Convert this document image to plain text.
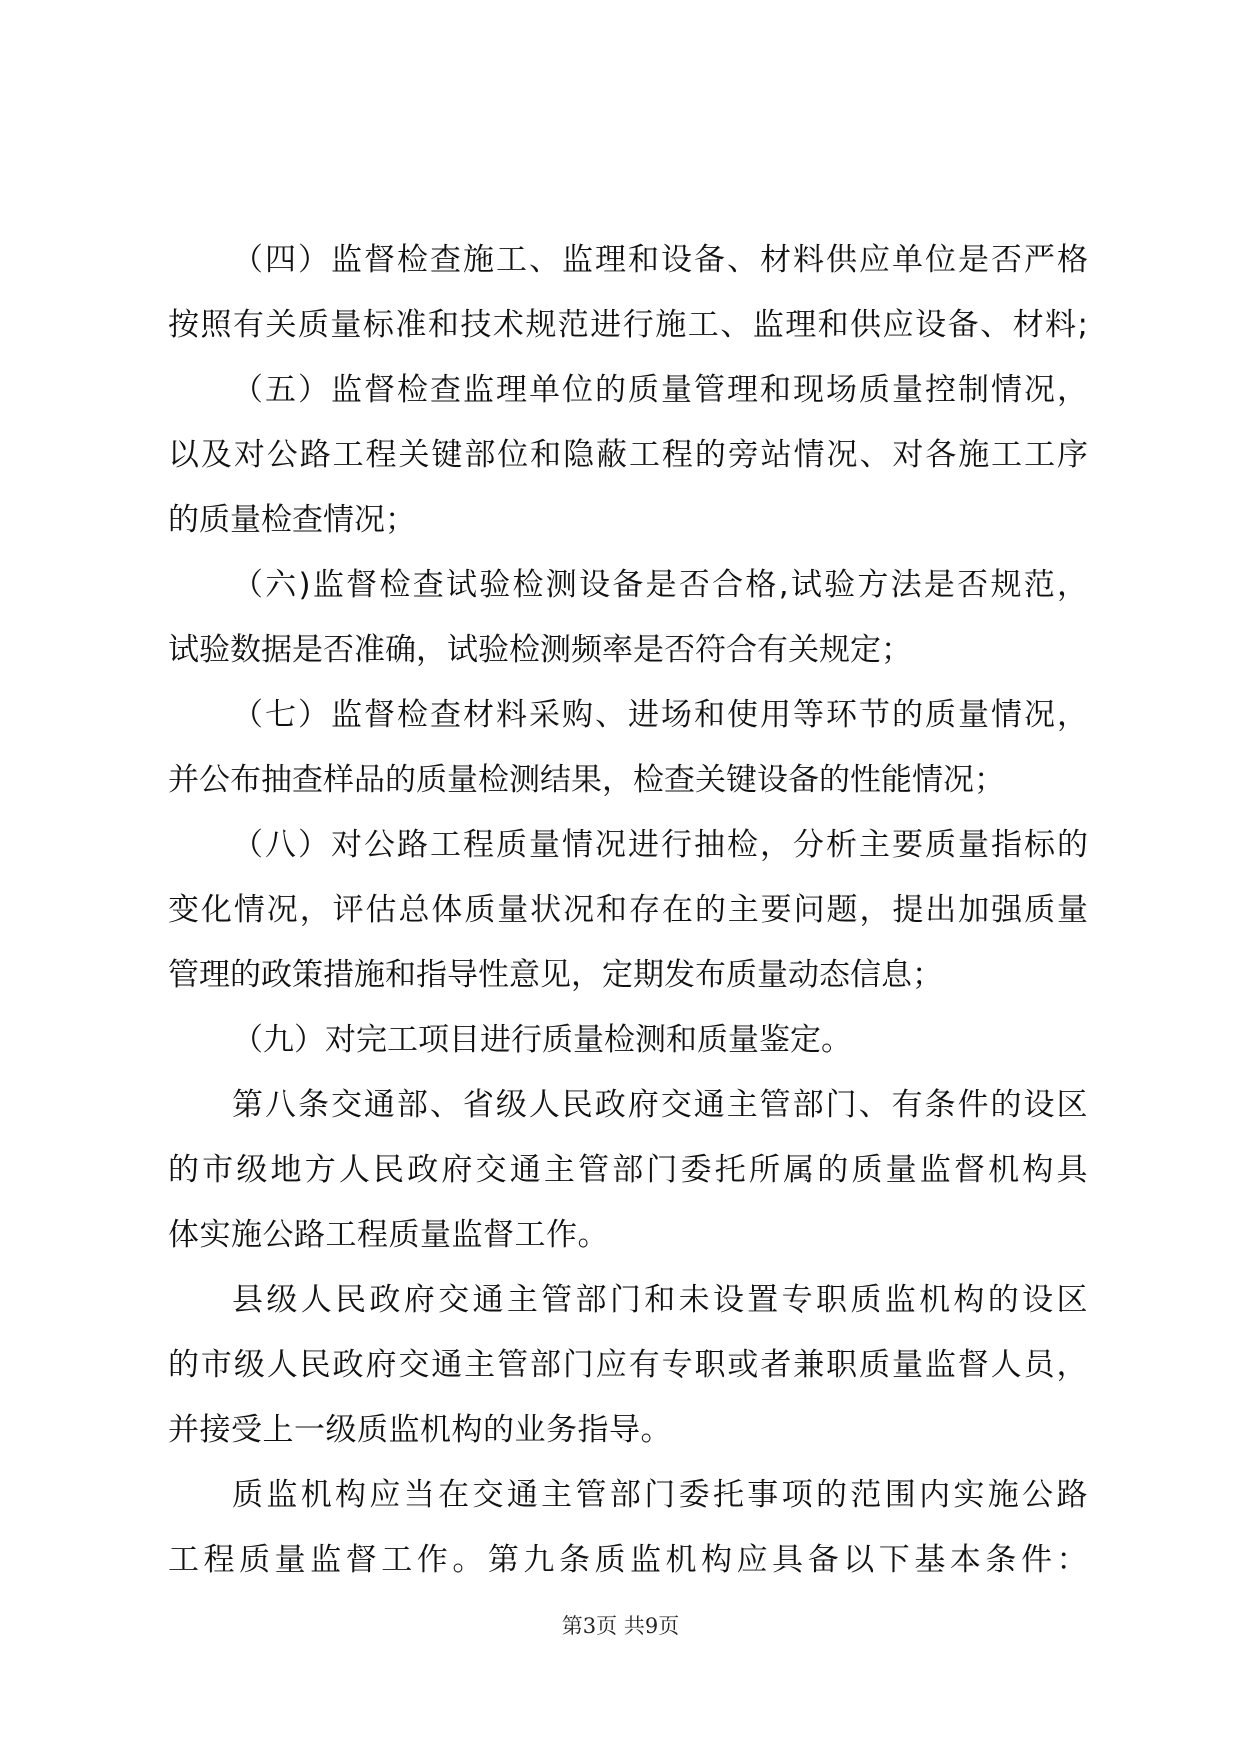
（四）监督检查施工、监理和设备、材料供应单位是否严格
按照有关质量标准和技术规范进行施工、监理和供应设备、材料;
（五）监督检查监理单位的质量管理和现场质量控制情况，
以及对公路工程关键部位和隐蔽工程的旁站情况、对各施工工序
的质量检查情况；
（六)监督检查试验检测设备是否合格,试验方法是否规范，
试验数据是否准确，试验检测频率是否符合有关规定；
（七）监督检查材料采购、进场和使用等环节的质量情况，
并公布抽查样品的质量检测结果，检查关键设备的性能情况；
（八）对公路工程质量情况进行抽检，分析主要质量指标的
变化情况，评估总体质量状况和存在的主要问题，提出加强质量
管理的政策措施和指导性意见，定期发布质量动态信息；
（九）对完工项目进行质量检测和质量鉴定。
第八条交通部、省级人民政府交通主管部门、有条件的设区
的市级地方人民政府交通主管部门委托所属的质量监督机构具
体实施公路工程质量监督工作。
县级人民政府交通主管部门和未设置专职质监机构的设区
的市级人民政府交通主管部门应有专职或者兼职质量监督人员，
并接受上一级质监机构的业务指导。
质监机构应当在交通主管部门委托事项的范围内实施公路
工程质量监督工作。第九条质监机构应具备以下基本条件：
第3页 共9页
